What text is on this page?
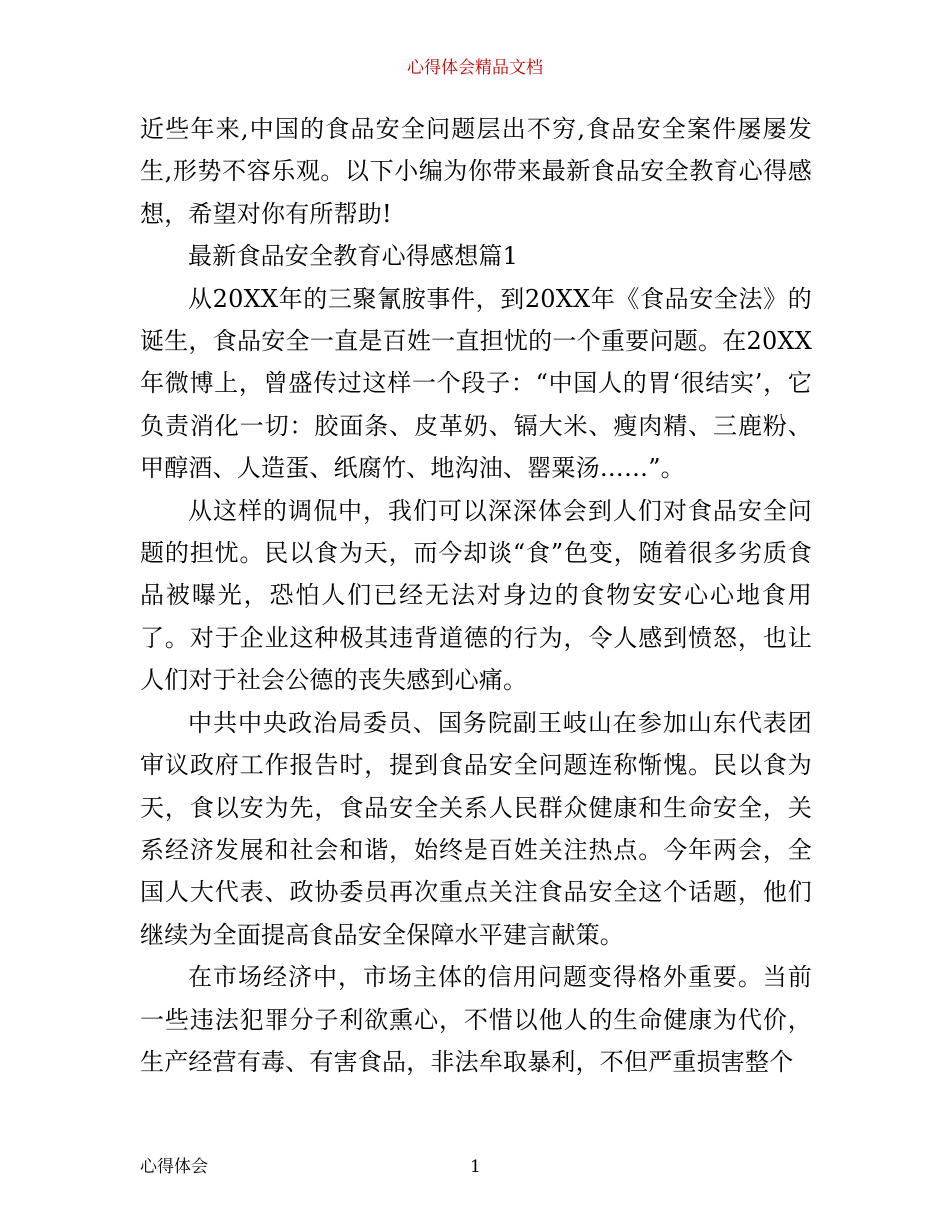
心得体会精品文档

近些年来,中国的食品安全问题层出不穷,食品安全案件屡屡发生,形势不容乐观。以下小编为你带来最新食品安全教育心得感想，希望对你有所帮助!

最新食品安全教育心得感想篇1

从20XX年的三聚氰胺事件，到20XX年《食品安全法》的诞生，食品安全一直是百姓一直担忧的一个重要问题。在20XX年微博上，曾盛传过这样一个段子：“中国人的胃‘很结实’，它负责消化一切：胶面条、皮革奶、镉大米、瘦肉精、三鹿粉、甲醇酒、人造蛋、纸腐竹、地沟油、罂粟汤……”。

从这样的调侃中，我们可以深深体会到人们对食品安全问题的担忧。民以食为天，而今却谈“食”色变，随着很多劣质食品被曝光，恐怕人们已经无法对身边的食物安安心心地食用了。对于企业这种极其违背道德的行为，令人感到愤怒，也让人们对于社会公德的丧失感到心痛。

中共中央政治局委员、国务院副王岐山在参加山东代表团审议政府工作报告时，提到食品安全问题连称惭愧。民以食为天，食以安为先，食品安全关系人民群众健康和生命安全，关系经济发展和社会和谐，始终是百姓关注热点。今年两会，全国人大代表、政协委员再次重点关注食品安全这个话题，他们继续为全面提高食品安全保障水平建言献策。

在市场经济中，市场主体的信用问题变得格外重要。当前一些违法犯罪分子利欲熏心，不惜以他人的生命健康为代价，生产经营有毒、有害食品，非法牟取暴利，不但严重损害整个

心得体会	1
